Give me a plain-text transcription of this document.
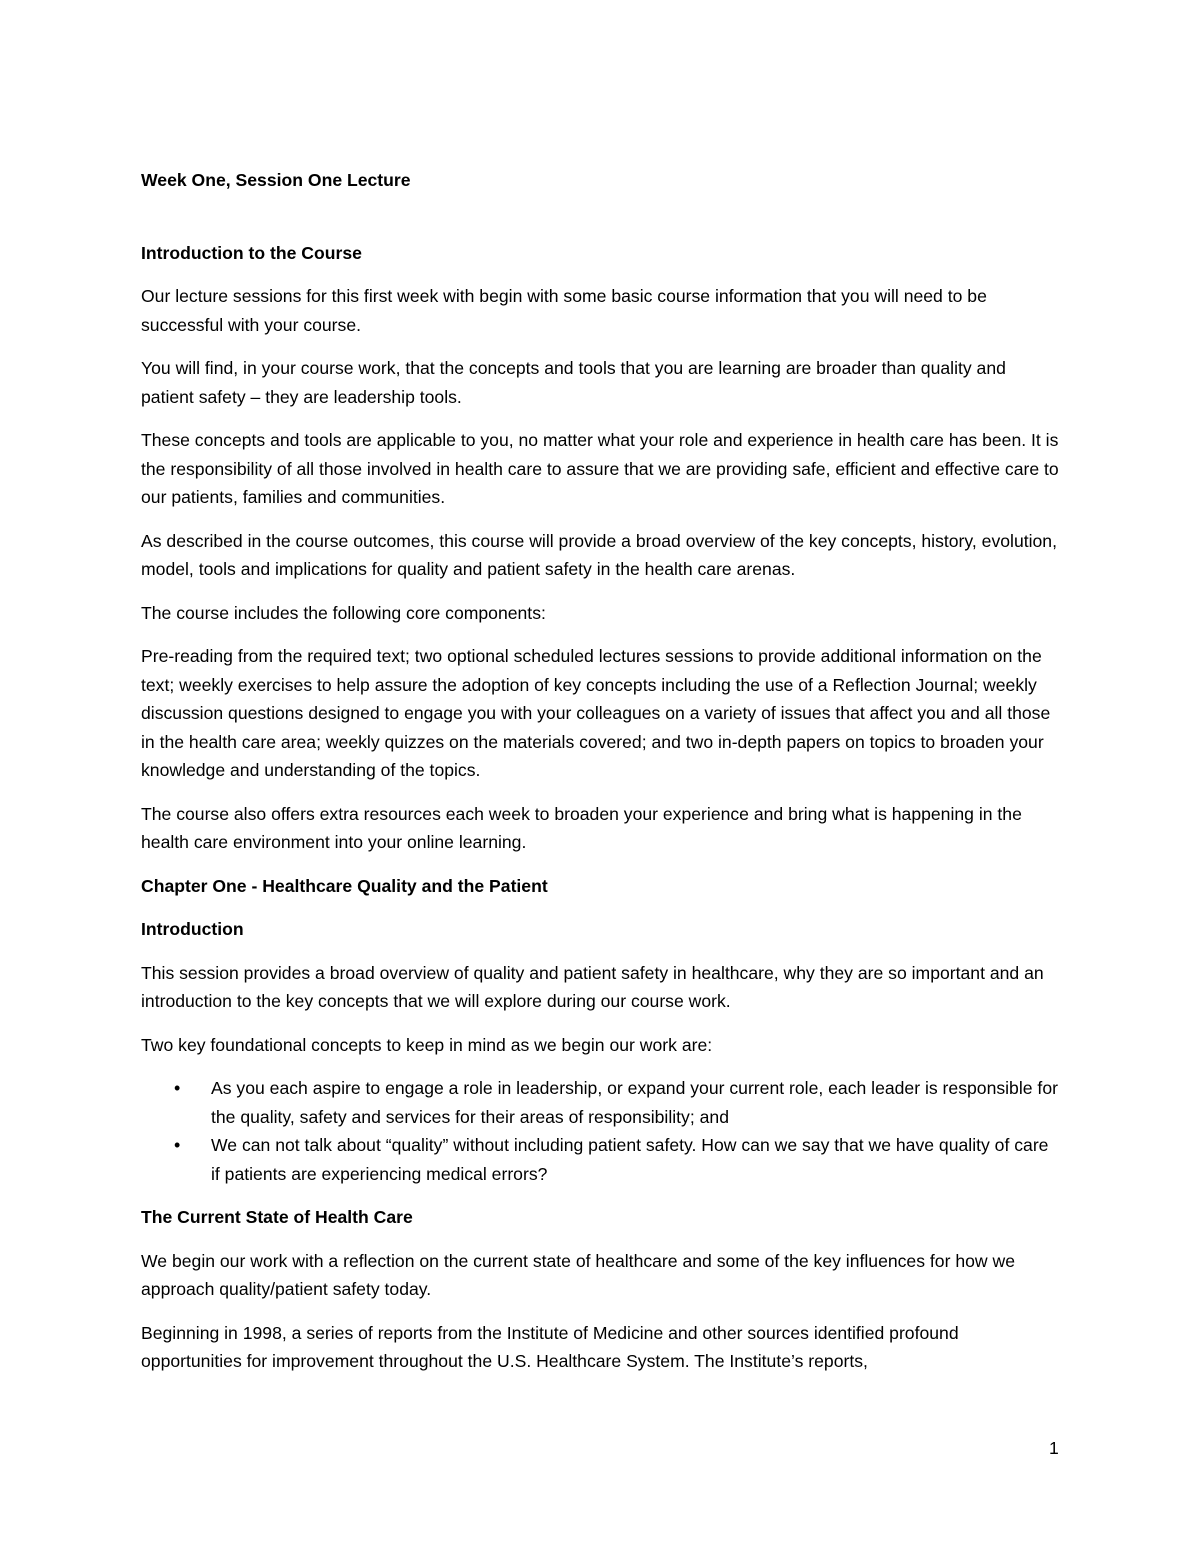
Week One, Session One Lecture
Introduction to the Course

Our lecture sessions for this first week with begin with some basic course information that you will need to be successful with your course.

You will find, in your course work, that the concepts and tools that you are learning are broader than quality and patient safety – they are leadership tools.

These concepts and tools are applicable to you, no matter what your role and experience in health care has been. It is the responsibility of all those involved in health care to assure that we are providing safe, efficient and effective care to our patients, families and communities.

As described in the course outcomes, this course will provide a broad overview of the key concepts, history, evolution, model, tools and implications for quality and patient safety in the health care arenas.

The course includes the following core components:

Pre-reading from the required text; two optional scheduled lectures sessions to provide additional information on the text; weekly exercises to help assure the adoption of key concepts including the use of a Reflection Journal; weekly discussion questions designed to engage you with your colleagues on a variety of issues that affect you and all those in the health care area; weekly quizzes on the materials covered; and two in-depth papers on topics to broaden your knowledge and understanding of the topics.

The course also offers extra resources each week to broaden your experience and bring what is happening in the health care environment into your online learning.

Chapter One - Healthcare Quality and the Patient
Introduction

This session provides a broad overview of quality and patient safety in healthcare, why they are so important and an introduction to the key concepts that we will explore during our course work.

Two key foundational concepts to keep in mind as we begin our work are:

• As you each aspire to engage a role in leadership, or expand your current role, each leader is responsible for the quality, safety and services for their areas of responsibility; and
• We can not talk about “quality” without including patient safety. How can we say that we have quality of care if patients are experiencing medical errors?
The Current State of Health Care

We begin our work with a reflection on the current state of healthcare and some of the key influences for how we approach quality/patient safety today.

Beginning in 1998, a series of reports from the Institute of Medicine and other sources identified profound opportunities for improvement throughout the U.S. Healthcare System. The Institute’s reports,

1
